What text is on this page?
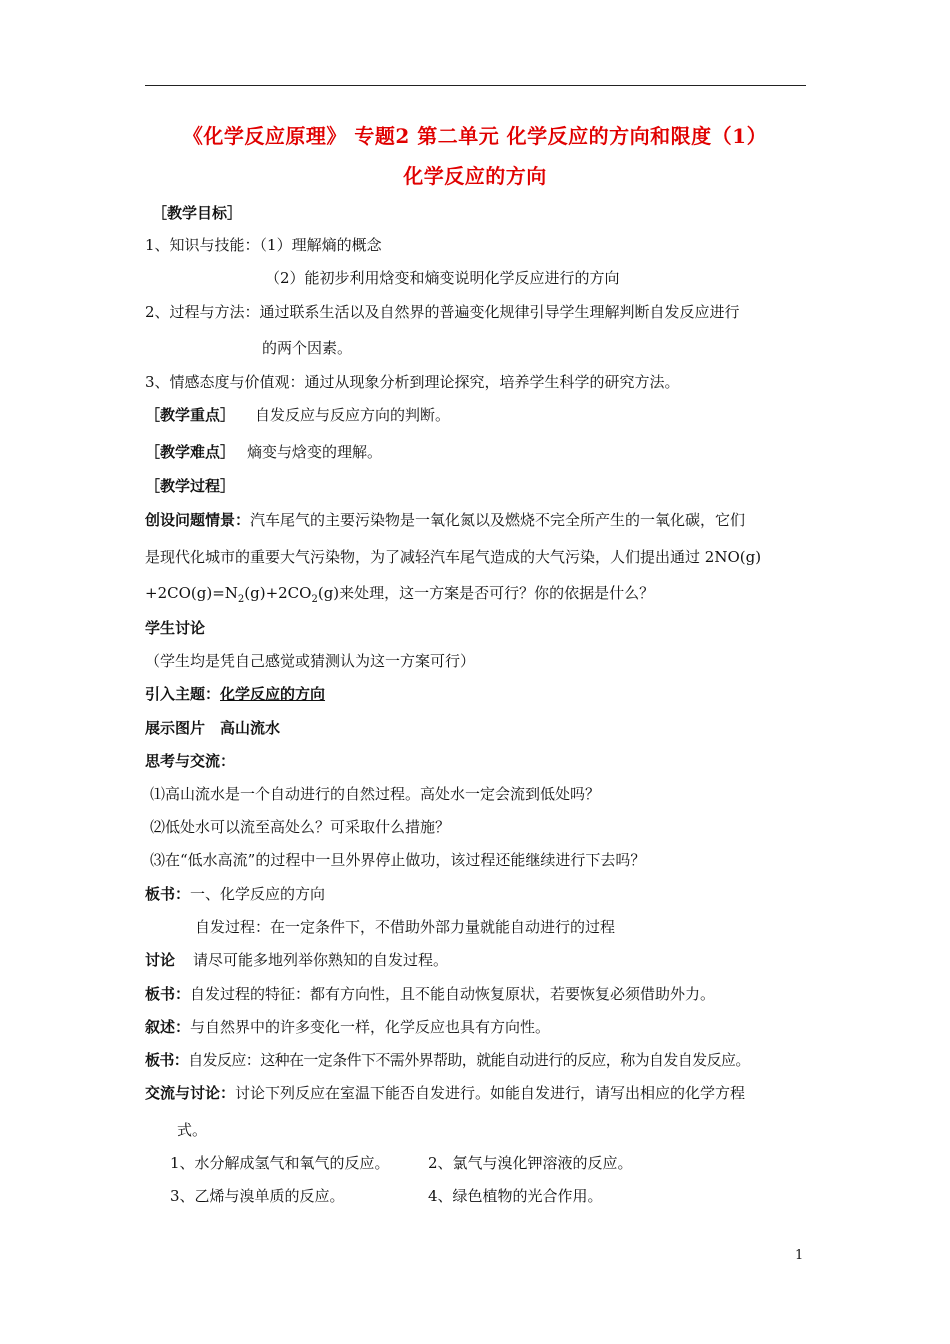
《化学反应原理》 专题2 第二单元 化学反应的方向和限度（1）
化学反应的方向
［教学目标］
1、知识与技能：（1）理解熵的概念
（2）能初步利用焓变和熵变说明化学反应进行的方向
2、过程与方法：通过联系生活以及自然界的普遍变化规律引导学生理解判断自发反应进行
的两个因素。
3、情感态度与价值观：通过从现象分析到理论探究，培养学生科学的研究方法。
［教学重点］ 自发反应与反应方向的判断。
［教学难点］ 熵变与焓变的理解。
［教学过程］
创设问题情景：汽车尾气的主要污染物是一氧化氮以及燃烧不完全所产生的一氧化碳，它们
是现代化城市的重要大气污染物，为了减轻汽车尾气造成的大气污染，人们提出通过 2NO(g)
$+2CO(g)=N_2(g)+2CO_2(g)$来处理，这一方案是否可行？你的依据是什么？
学生讨论
（学生均是凭自己感觉或猜测认为这一方案可行）
引入主题：化学反应的方向
展示图片　高山流水
思考与交流：
⑴高山流水是一个自动进行的自然过程。高处水一定会流到低处吗？
⑵低处水可以流至高处么？可采取什么措施？
⑶在“低水高流”的过程中一旦外界停止做功，该过程还能继续进行下去吗？
板书：一、化学反应的方向
自发过程：在一定条件下，不借助外部力量就能自动进行的过程
讨论 请尽可能多地列举你熟知的自发过程。
板书：自发过程的特征：都有方向性，且不能自动恢复原状，若要恢复必须借助外力。
叙述：与自然界中的许多变化一样，化学反应也具有方向性。
板书：自发反应：这种在一定条件下不需外界帮助，就能自动进行的反应，称为自发自发反应。
交流与讨论：讨论下列反应在室温下能否自发进行。如能自发进行，请写出相应的化学方程
式。
1、水分解成氢气和氧气的反应。	2、氯气与溴化钾溶液的反应。
3、乙烯与溴单质的反应。	4、绿色植物的光合作用。
1
